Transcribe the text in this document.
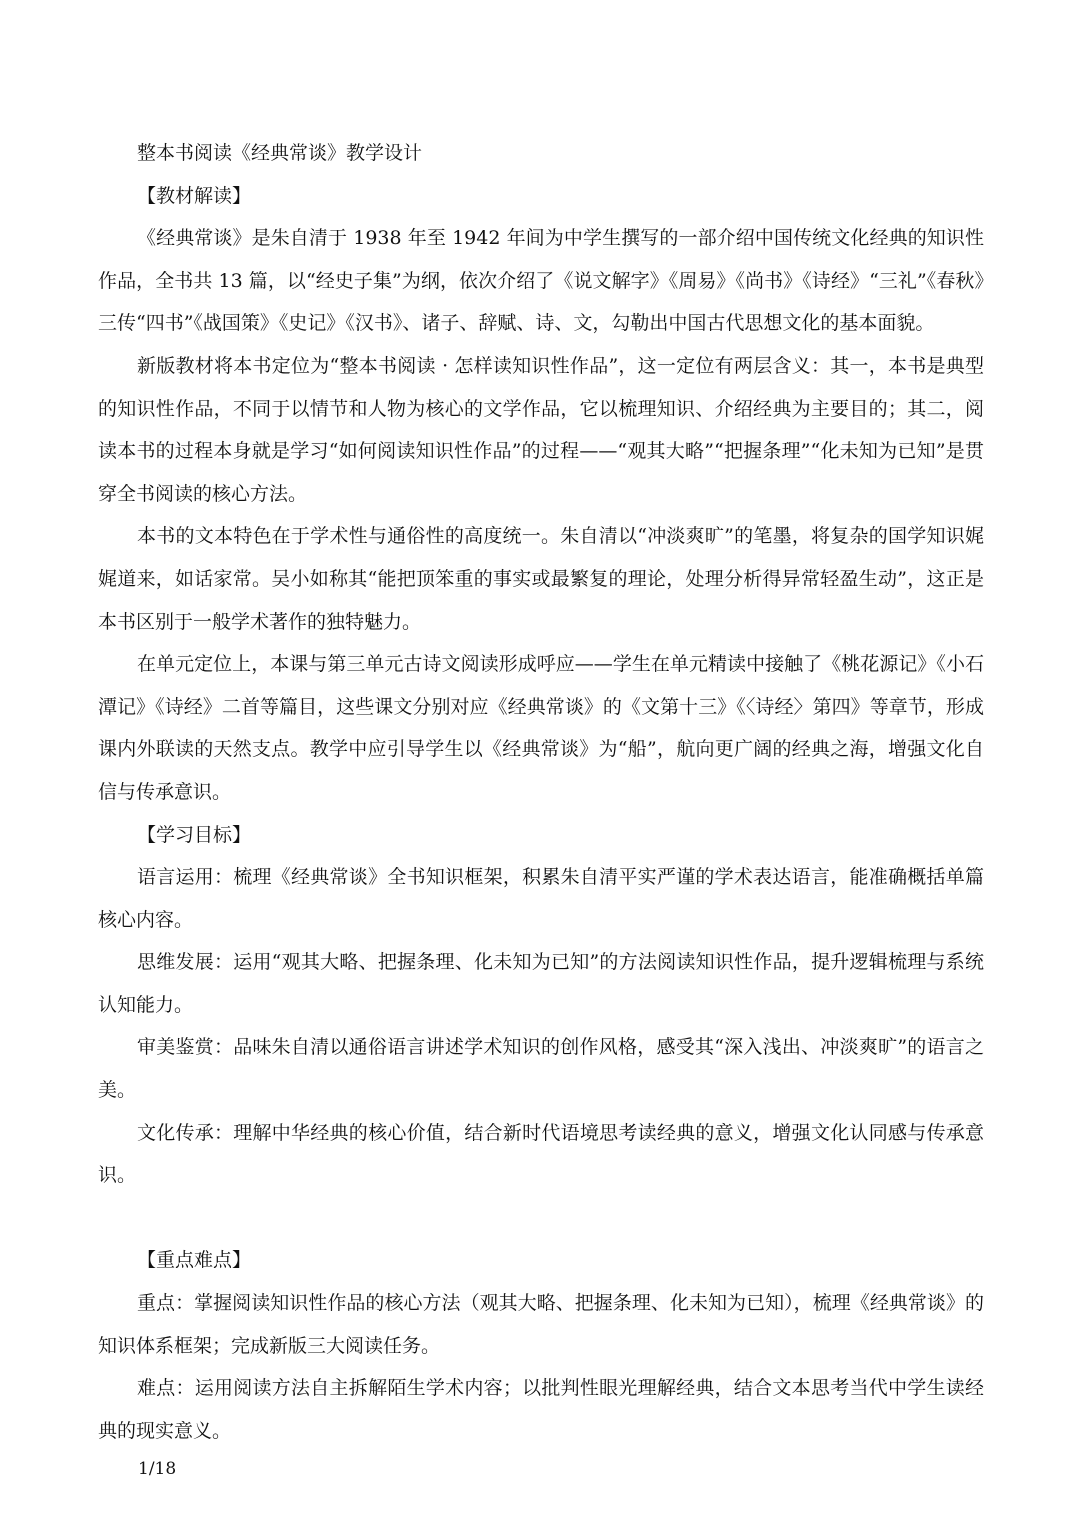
整本书阅读《经典常谈》教学设计
【教材解读】

《经典常谈》是朱自清于 1938 年至 1942 年间为中学生撰写的一部介绍中国传统文化经典的知识性作品，全书共 13 篇，以“经史子集”为纲，依次介绍了《说文解字》《周易》《尚书》《诗经》“三礼”《春秋》三传“四书”《战国策》《史记》《汉书》、诸子、辞赋、诗、文，勾勒出中国古代思想文化的基本面貌。

新版教材将本书定位为“整本书阅读 · 怎样读知识性作品”，这一定位有两层含义：其一，本书是典型的知识性作品，不同于以情节和人物为核心的文学作品，它以梳理知识、介绍经典为主要目的；其二，阅读本书的过程本身就是学习“如何阅读知识性作品”的过程——“观其大略”“把握条理”“化未知为已知”是贯穿全书阅读的核心方法。

本书的文本特色在于学术性与通俗性的高度统一。朱自清以“冲淡爽旷”的笔墨，将复杂的国学知识娓娓道来，如话家常。吴小如称其“能把顶笨重的事实或最繁复的理论，处理分析得异常轻盈生动”，这正是本书区别于一般学术著作的独特魅力。

在单元定位上，本课与第三单元古诗文阅读形成呼应——学生在单元精读中接触了《桃花源记》《小石潭记》《诗经》二首等篇目，这些课文分别对应《经典常谈》的《文第十三》《〈诗经〉第四》等章节，形成课内外联读的天然支点。教学中应引导学生以《经典常谈》为“船”，航向更广阔的经典之海，增强文化自信与传承意识。

【学习目标】

语言运用：梳理《经典常谈》全书知识框架，积累朱自清平实严谨的学术表达语言，能准确概括单篇核心内容。

思维发展：运用“观其大略、把握条理、化未知为已知”的方法阅读知识性作品，提升逻辑梳理与系统认知能力。

审美鉴赏：品味朱自清以通俗语言讲述学术知识的创作风格，感受其“深入浅出、冲淡爽旷”的语言之美。

文化传承：理解中华经典的核心价值，结合新时代语境思考读经典的意义，增强文化认同感与传承意识。

【重点难点】

重点：掌握阅读知识性作品的核心方法（观其大略、把握条理、化未知为已知），梳理《经典常谈》的知识体系框架；完成新版三大阅读任务。

难点：运用阅读方法自主拆解陌生学术内容；以批判性眼光理解经典，结合文本思考当代中学生读经典的现实意义。

1/18
